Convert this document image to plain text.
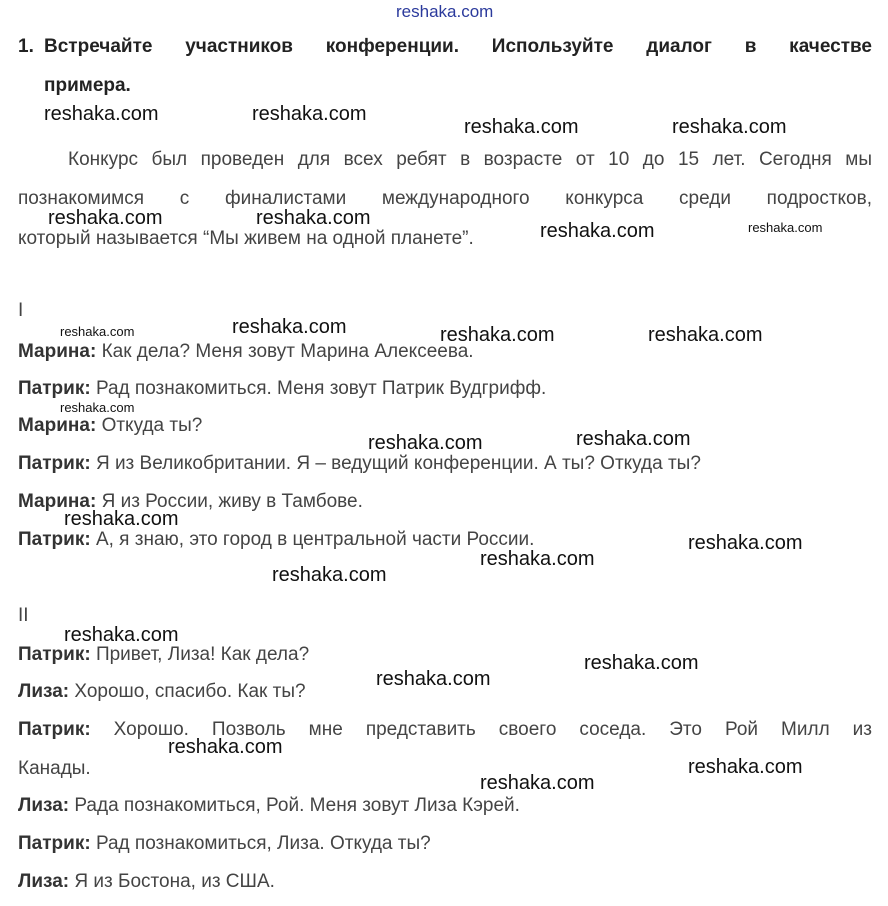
reshaka.com
1. Встречайте участников конференции. Используйте диалог в качестве
примера.
Конкурс был проведен для всех ребят в возрасте от 10 до 15 лет. Сегодня мы
познакомимся с финалистами международного конкурса среди подростков,
который называется “Мы живем на одной планете”.
I
Марина: Как дела? Меня зовут Марина Алексеева.
Патрик: Рад познакомиться. Меня зовут Патрик Вудгрифф.
Марина: Откуда ты?
Патрик: Я из Великобритании. Я – ведущий конференции. А ты? Откуда ты?
Марина: Я из России, живу в Тамбове.
Патрик: А, я знаю, это город в центральной части России.
II
Патрик: Привет, Лиза! Как дела?
Лиза: Хорошо, спасибо. Как ты?
Патрик: Хорошо. Позволь мне представить своего соседа. Это Рой Милл из
Канады.
Лиза: Рада познакомиться, Рой. Меня зовут Лиза Кэрей.
Патрик: Рад познакомиться, Лиза. Откуда ты?
Лиза: Я из Бостона, из США.
reshaka.com	reshaka.com
reshaka.com	reshaka.com
reshaka.com	reshaka.com
reshaka.com	reshaka.com
reshaka.com	reshaka.com	reshaka.com	reshaka.com
reshaka.com
reshaka.com	reshaka.com
reshaka.com
reshaka.com
reshaka.com
reshaka.com
reshaka.com
reshaka.com
reshaka.com
reshaka.com
reshaka.com
reshaka.com
